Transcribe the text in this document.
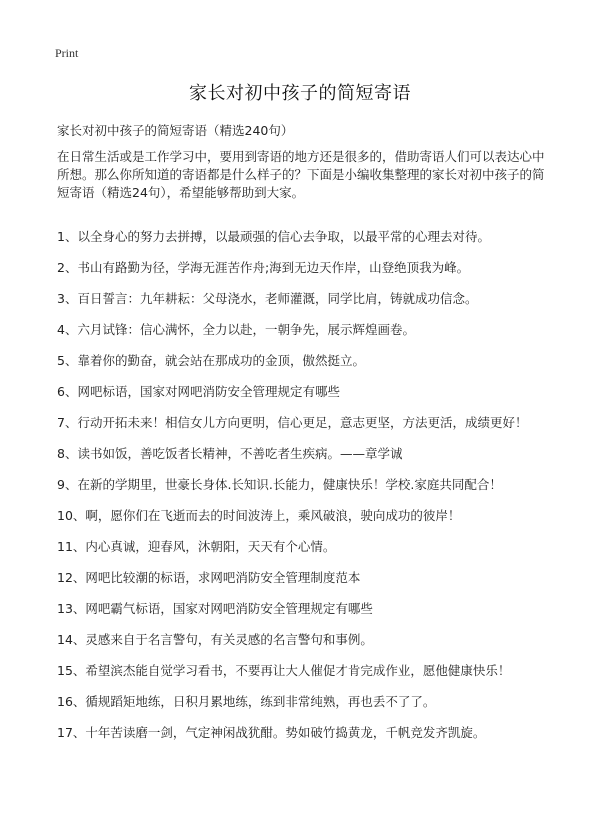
Print
家长对初中孩子的简短寄语
家长对初中孩子的简短寄语（精选240句）
在日常生活或是工作学习中，要用到寄语的地方还是很多的，借助寄语人们可以表达心中所想。那么你所知道的寄语都是什么样子的？下面是小编收集整理的家长对初中孩子的简短寄语（精选24句），希望能够帮助到大家。
1、以全身心的努力去拼搏，以最顽强的信心去争取，以最平常的心理去对待。
2、书山有路勤为径，学海无涯苦作舟;海到无边天作岸，山登绝顶我为峰。
3、百日誓言：九年耕耘：父母浇水，老师灌溉，同学比肩，铸就成功信念。
4、六月试锋：信心满怀，全力以赴，一朝争先，展示辉煌画卷。
5、靠着你的勤奋，就会站在那成功的金顶，傲然挺立。
6、网吧标语，国家对网吧消防安全管理规定有哪些
7、行动开拓未来！相信女儿方向更明，信心更足，意志更坚，方法更活，成绩更好！
8、读书如饭，善吃饭者长精神，不善吃者生疾病。——章学诚
9、在新的学期里，世豪长身体.长知识.长能力，健康快乐！学校.家庭共同配合！
10、啊，愿你们在飞逝而去的时间波涛上，乘风破浪，驶向成功的彼岸！
11、内心真诚，迎春风，沐朝阳，天天有个心情。
12、网吧比较潮的标语，求网吧消防安全管理制度范本
13、网吧霸气标语，国家对网吧消防安全管理规定有哪些
14、灵感来自于名言警句，有关灵感的名言警句和事例。
15、希望滨杰能自觉学习看书，不要再让大人催促才肯完成作业，愿他健康快乐！
16、循规蹈矩地练，日积月累地练，练到非常纯熟，再也丢不了了。
17、十年苦读磨一剑，气定神闲战犹酣。势如破竹捣黄龙，千帆竞发齐凯旋。
